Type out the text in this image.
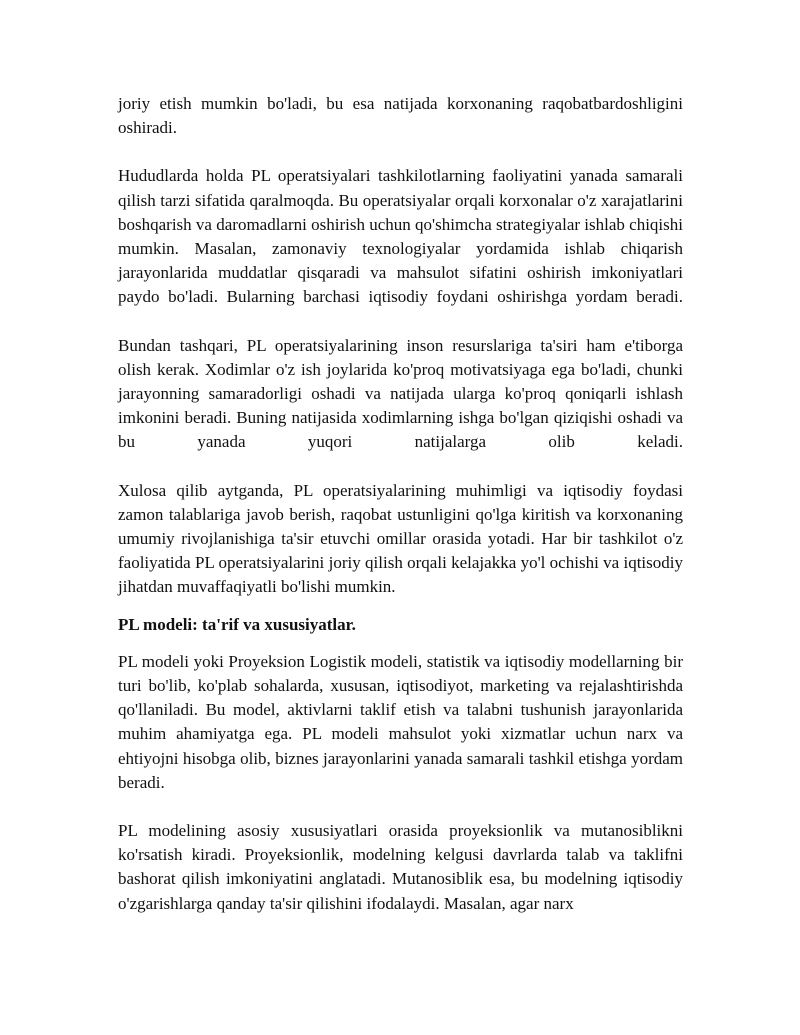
joriy etish mumkin bo'ladi, bu esa natijada korxonaning raqobatbardoshligini oshiradi.

Hududlarda holda PL operatsiyalari tashkilotlarning faoliyatini yanada samarali qilish tarzi sifatida qaralmoqda. Bu operatsiyalar orqali korxonalar o'z xarajatlarini boshqarish va daromadlarni oshirish uchun qo'shimcha strategiyalar ishlab chiqishi mumkin. Masalan, zamonaviy texnologiyalar yordamida ishlab chiqarish jarayonlarida muddatlar qisqaradi va mahsulot sifatini oshirish imkoniyatlari paydo bo'ladi. Bularning barchasi iqtisodiy foydani oshirishga yordam beradi.

Bundan tashqari, PL operatsiyalarining inson resurslariga ta'siri ham e'tiborga olish kerak. Xodimlar o'z ish joylarida ko'proq motivatsiyaga ega bo'ladi, chunki jarayonning samaradorligi oshadi va natijada ularga ko'proq qoniqarli ishlash imkonini beradi. Buning natijasida xodimlarning ishga bo'lgan qiziqishi oshadi va bu yanada yuqori natijalarga olib keladi.

Xulosa qilib aytganda, PL operatsiyalarining muhimligi va iqtisodiy foydasi zamon talablariga javob berish, raqobat ustunligini qo'lga kiritish va korxonaning umumiy rivojlanishiga ta'sir etuvchi omillar orasida yotadi. Har bir tashkilot o'z faoliyatida PL operatsiyalarini joriy qilish orqali kelajakka yo'l ochishi va iqtisodiy jihatdan muvaffaqiyatli bo'lishi mumkin.

PL modeli: ta'rif va xususiyatlar.

PL modeli yoki Proyeksion Logistik modeli, statistik va iqtisodiy modellarning bir turi bo'lib, ko'plab sohalarda, xususan, iqtisodiyot, marketing va rejalashtirishda qo'llaniladi. Bu model, aktivlarni taklif etish va talabni tushunish jarayonlarida muhim ahamiyatga ega. PL modeli mahsulot yoki xizmatlar uchun narx va ehtiyojni hisobga olib, biznes jarayonlarini yanada samarali tashkil etishga yordam beradi.

PL modelining asosiy xususiyatlari orasida proyeksionlik va mutanosiblikni ko'rsatish kiradi. Proyeksionlik, modelning kelgusi davrlarda talab va taklifni bashorat qilish imkoniyatini anglatadi. Mutanosiblik esa, bu modelning iqtisodiy o'zgarishlarga qanday ta'sir qilishini ifodalaydi. Masalan, agar narx
